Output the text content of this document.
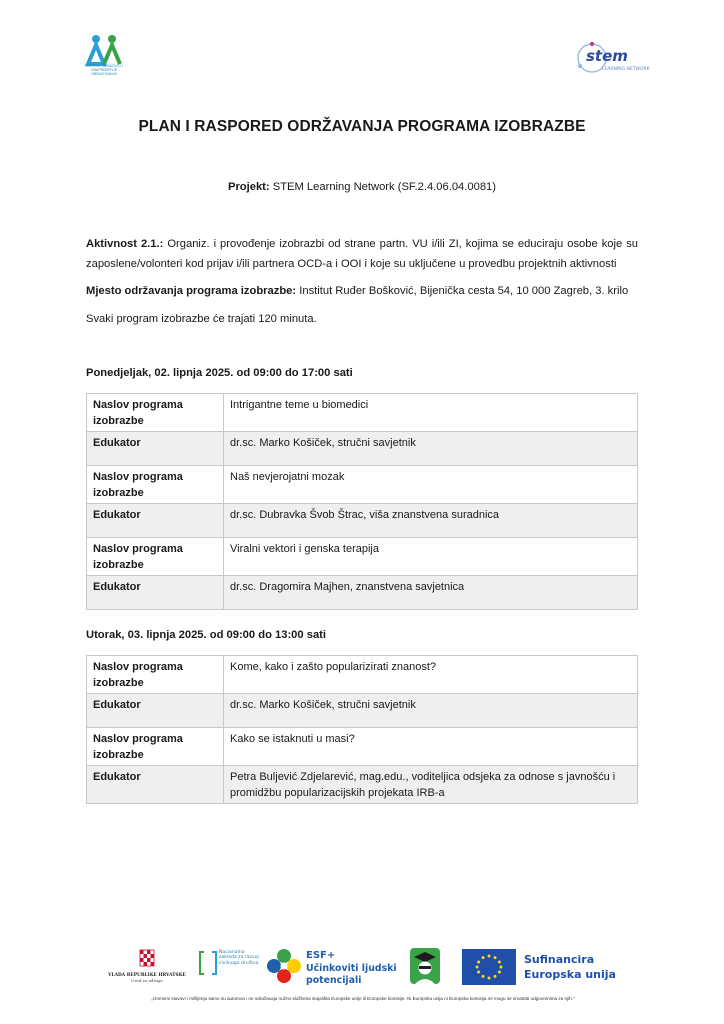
INSTITUT ZA RAZVOJ I UNAPREĐENJE OBRAZOVANJA
stem
LEARNING NETWORK
PLAN I RASPORED ODRŽAVANJA PROGRAMA IZOBRAZBE
Projekt: STEM Learning Network (SF.2.4.06.04.0081)
Aktivnost 2.1.: Organiz. i provođenje izobrazbi od strane partn. VU i/ili ZI, kojima se educiraju osobe koje su zaposlene/volonteri kod prijav i/ili partnera OCD-a i OOI i koje su uključene u provedbu projektnih aktivnosti
Mjesto održavanja programa izobrazbe: Institut Ruđer Bošković, Bijenička cesta 54, 10 000 Zagreb, 3. krilo
Svaki program izobrazbe će trajati 120 minuta.
Ponedjeljak, 02. lipnja 2025. od 09:00 do 17:00 sati
Naslov programa izobrazbe	Intrigantne teme u biomedici
Edukator	dr.sc. Marko Košiček, stručni savjetnik
Naslov programa izobrazbe	Naš nevjerojatni mozak
Edukator	dr.sc. Dubravka Švob Štrac, viša znanstvena suradnica
Naslov programa izobrazbe	Viralni vektori i genska terapija
Edukator	dr.sc. Dragomira Majhen, znanstvena savjetnica
Utorak, 03. lipnja 2025. od 09:00 do 13:00 sati
Naslov programa izobrazbe	Kome, kako i zašto popularizirati znanost?
Edukator	dr.sc. Marko Košiček, stručni savjetnik
Naslov programa izobrazbe	Kako se istaknuti u masi?
Edukator	Petra Buljević Zdjelarević, mag.edu., voditeljica odsjeka za odnose s javnošću i promidžbu popularizacijskih projekata IRB-a
VLADA REPUBLIKE HRVATSKE
Ured za udruge
Nacionalna zaklada za razvoj civilnoga društva
ESF+
Učinkoviti ljudski
potencijali
Sufinancira
Europska unija
„Izneseni stavovi i mišljenja samo su autorova i ne odražavaju nužno službena stajališta Europske unije ili Europske komisije. Ni Europska unija ni Europska komisija ne mogu se smatrati odgovornima za njih."
